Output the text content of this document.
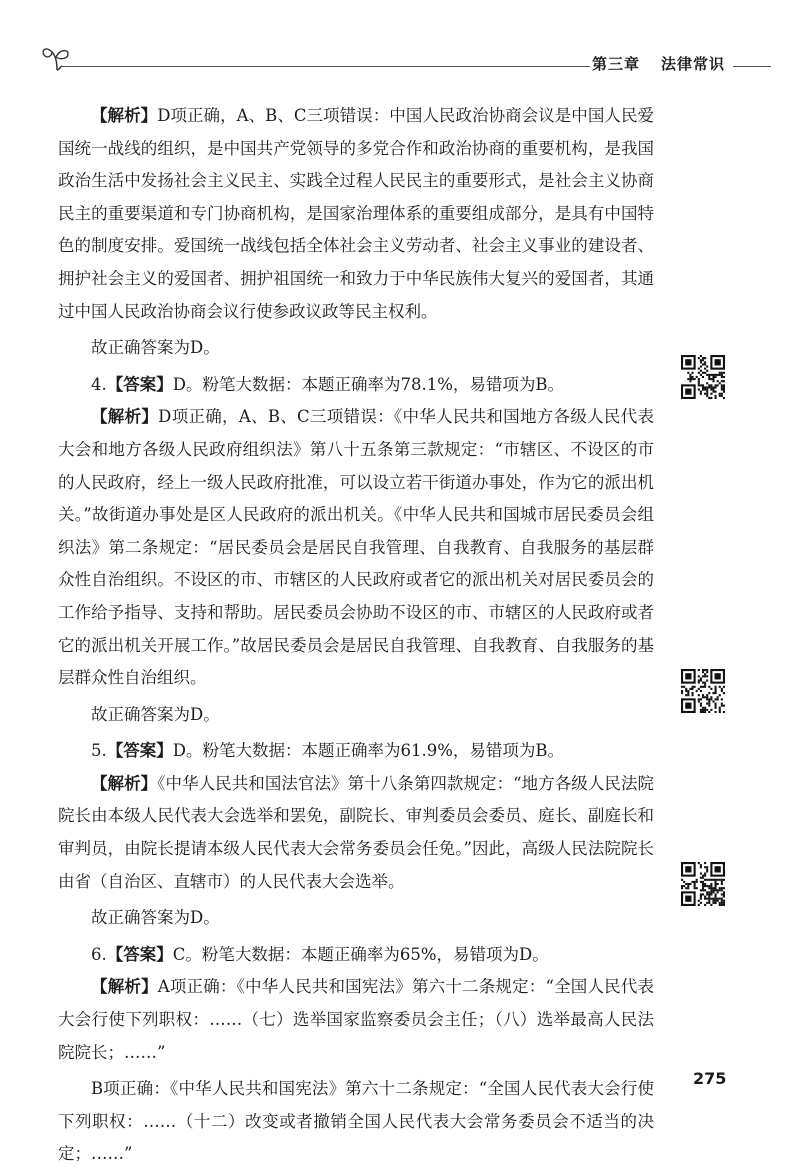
第三章 法律常识

【解析】D项正确，A、B、C三项错误：中国人民政治协商会议是中国人民爱国统一战线的组织，是中国共产党领导的多党合作和政治协商的重要机构，是我国政治生活中发扬社会主义民主、实践全过程人民民主的重要形式，是社会主义协商民主的重要渠道和专门协商机构，是国家治理体系的重要组成部分，是具有中国特色的制度安排。爱国统一战线包括全体社会主义劳动者、社会主义事业的建设者、拥护社会主义的爱国者、拥护祖国统一和致力于中华民族伟大复兴的爱国者，其通过中国人民政治协商会议行使参政议政等民主权利。

故正确答案为D。

4.【答案】D。粉笔大数据：本题正确率为78.1%，易错项为B。

【解析】D项正确，A、B、C三项错误：《中华人民共和国地方各级人民代表大会和地方各级人民政府组织法》第八十五条第三款规定：“市辖区、不设区的市的人民政府，经上一级人民政府批准，可以设立若干街道办事处，作为它的派出机关。”故街道办事处是区人民政府的派出机关。《中华人民共和国城市居民委员会组织法》第二条规定：“居民委员会是居民自我管理、自我教育、自我服务的基层群众性自治组织。不设区的市、市辖区的人民政府或者它的派出机关对居民委员会的工作给予指导、支持和帮助。居民委员会协助不设区的市、市辖区的人民政府或者它的派出机关开展工作。”故居民委员会是居民自我管理、自我教育、自我服务的基层群众性自治组织。

故正确答案为D。

5.【答案】D。粉笔大数据：本题正确率为61.9%，易错项为B。

【解析】《中华人民共和国法官法》第十八条第四款规定：“地方各级人民法院院长由本级人民代表大会选举和罢免，副院长、审判委员会委员、庭长、副庭长和审判员，由院长提请本级人民代表大会常务委员会任免。”因此，高级人民法院院长由省（自治区、直辖市）的人民代表大会选举。

故正确答案为D。

6.【答案】C。粉笔大数据：本题正确率为65%，易错项为D。

【解析】A项正确：《中华人民共和国宪法》第六十二条规定：“全国人民代表大会行使下列职权：……（七）选举国家监察委员会主任；（八）选举最高人民法院院长；……”

B项正确：《中华人民共和国宪法》第六十二条规定：“全国人民代表大会行使下列职权：……（十二）改变或者撤销全国人民代表大会常务委员会不适当的决定；……”

275
